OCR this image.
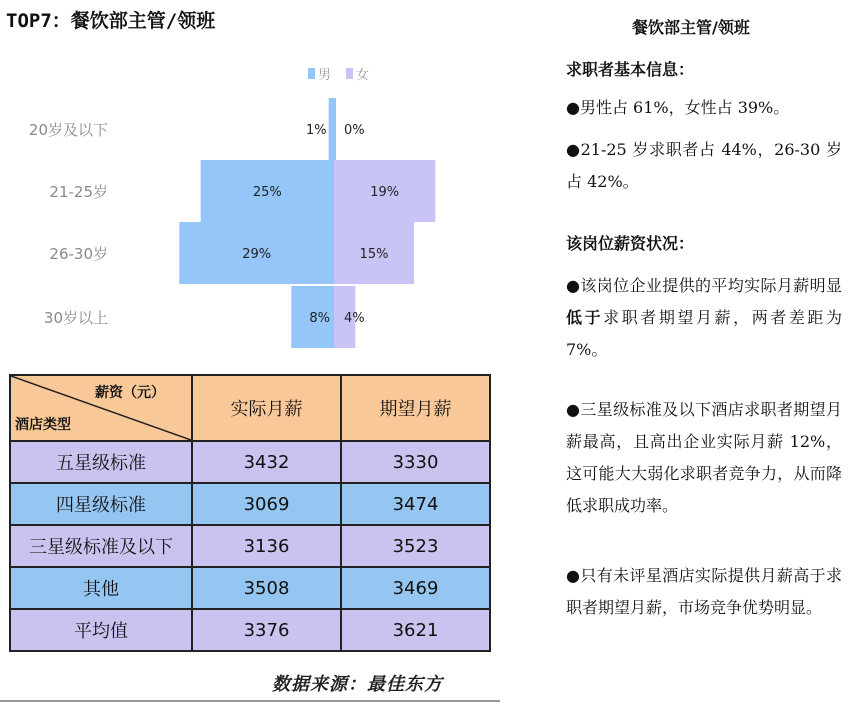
TOP7：餐饮部主管/领班
男 女
20岁及以下
21-25岁
26-30岁
30岁以上
1% 0%
25%	19%
29%	15%
8% 4%
薪资（元）
酒店类型	实际月薪	期望月薪
五星级标准	3432	3330
四星级标准	3069	3474
三星级标准及以下	3136	3523
其他	3508	3469
平均值	3376	3621
数据来源：最佳东方
餐饮部主管/领班
求职者基本信息：
●男性占 61%，女性占 39%。
●21-25 岁求职者占 44%，26-30 岁占 42%。
该岗位薪资状况：
●该岗位企业提供的平均实际月薪明显低于求职者期望月薪，两者差距为 7%。
●三星级标准及以下酒店求职者期望月薪最高，且高出企业实际月薪 12%，这可能大大弱化求职者竞争力，从而降低求职成功率。
●只有未评星酒店实际提供月薪高于求职者期望月薪，市场竞争优势明显。
